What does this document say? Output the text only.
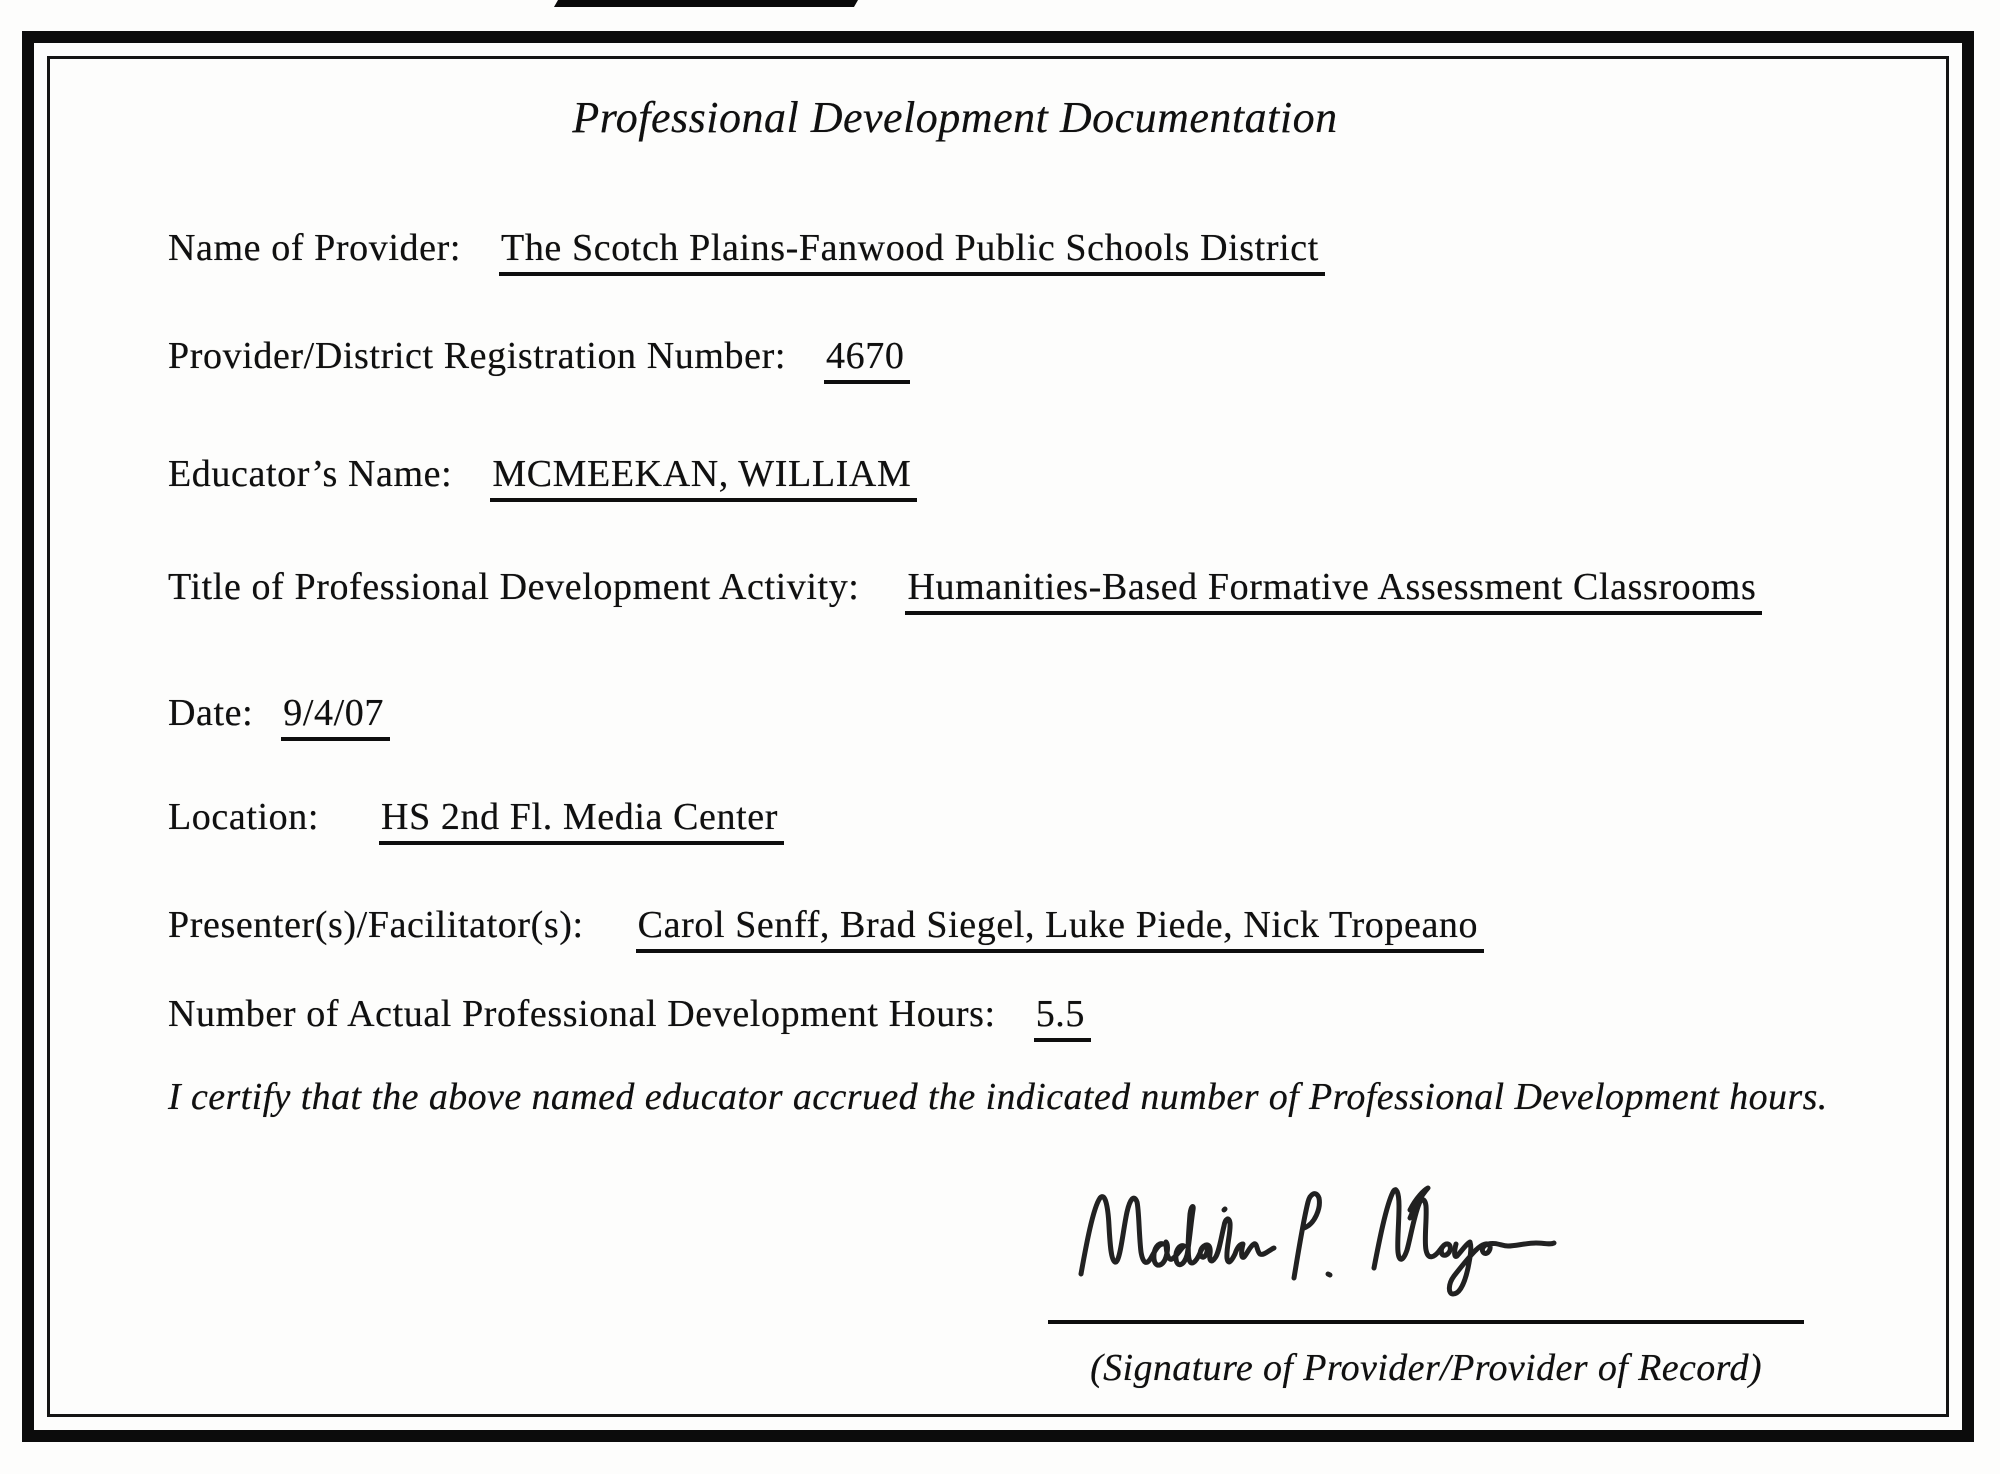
Professional Development Documentation
Name of Provider: The Scotch Plains-Fanwood Public Schools District
Provider/District Registration Number: 4670
Educator’s Name: MCMEEKAN, WILLIAM
Title of Professional Development Activity: Humanities-Based Formative Assessment Classrooms
Date: 9/4/07
Location: HS 2nd Fl. Media Center
Presenter(s)/Facilitator(s): Carol Senff, Brad Siegel, Luke Piede, Nick Tropeano
Number of Actual Professional Development Hours: 5.5
I certify that the above named educator accrued the indicated number of Professional Development hours.
(Signature of Provider/Provider of Record)
